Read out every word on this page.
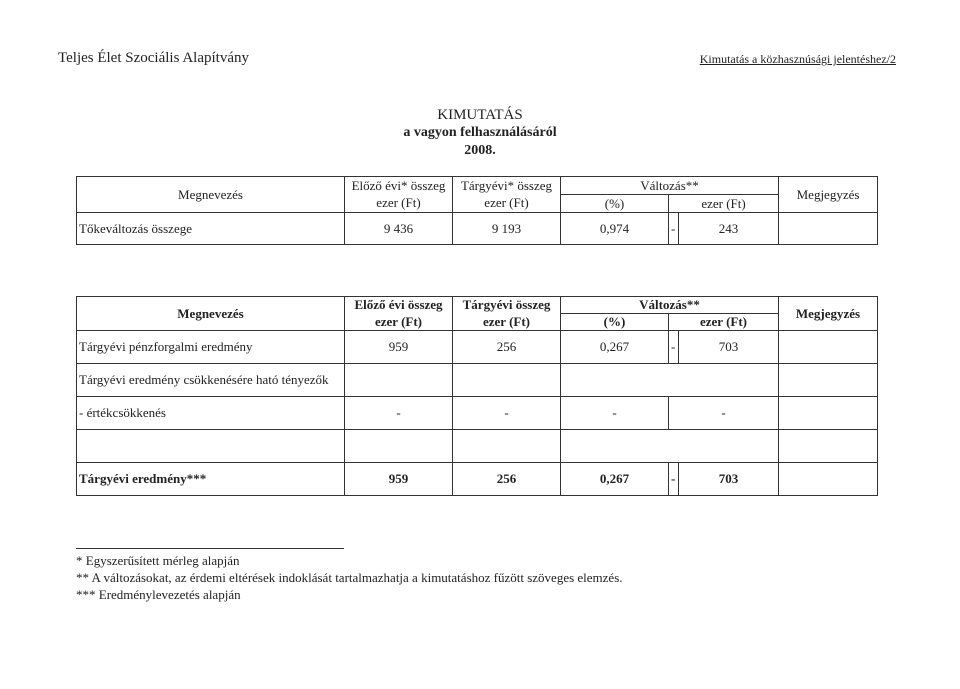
Teljes Élet Szociális Alapítvány	Kimutatás a közhasznúsági jelentéshez/2
KIMUTATÁS
a vagyon felhasználásáról
2008.
Megnevezés	Előző évi* összeg	Tárgyévi* összeg	Változás**			Megjegyzés
	ezer (Ft)	ezer (Ft)	(%)	ezer (Ft)		
Tőkeváltozás összege	9 436	9 193	0,974	-	243	
Megnevezés	Előző évi összeg	Tárgyévi összeg	Változás**			Megjegyzés
	ezer (Ft)	ezer (Ft)	(%)	ezer (Ft)		
Tárgyévi pénzforgalmi eredmény	959	256	0,267	-	703	
Tárgyévi eredmény csökkenésére ható tényezők						
- értékcsökkenés	-	-	-	-		

Tárgyévi eredmény***	959	256	0,267	-	703	
* Egyszerűsített mérleg alapján
** A változásokat, az érdemi eltérések indoklását tartalmazhatja a kimutatáshoz fűzött szöveges elemzés.
*** Eredménylevezetés alapján
